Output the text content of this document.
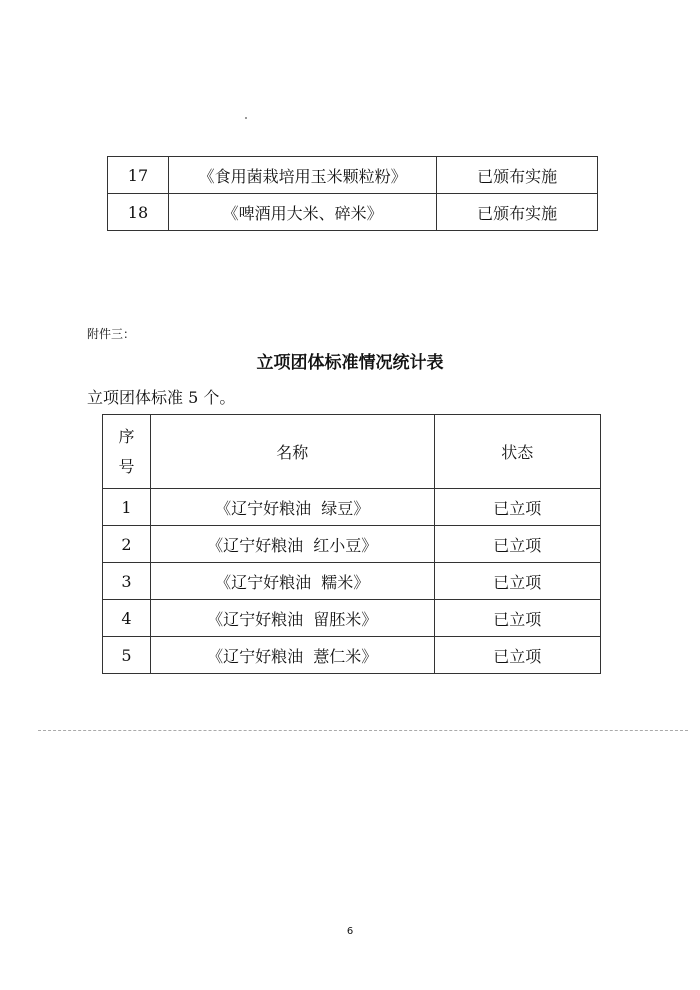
17	《食用菌栽培用玉米颗粒粉》	已颁布实施
18	《啤酒用大米、碎米》	已颁布实施
附件三：
立项团体标准情况统计表
立项团体标准 5 个。
序
号	名称	状态
1	《辽宁好粮油  绿豆》	已立项
2	《辽宁好粮油  红小豆》	已立项
3	《辽宁好粮油  糯米》	已立项
4	《辽宁好粮油  留胚米》	已立项
5	《辽宁好粮油  薏仁米》	已立项
6
